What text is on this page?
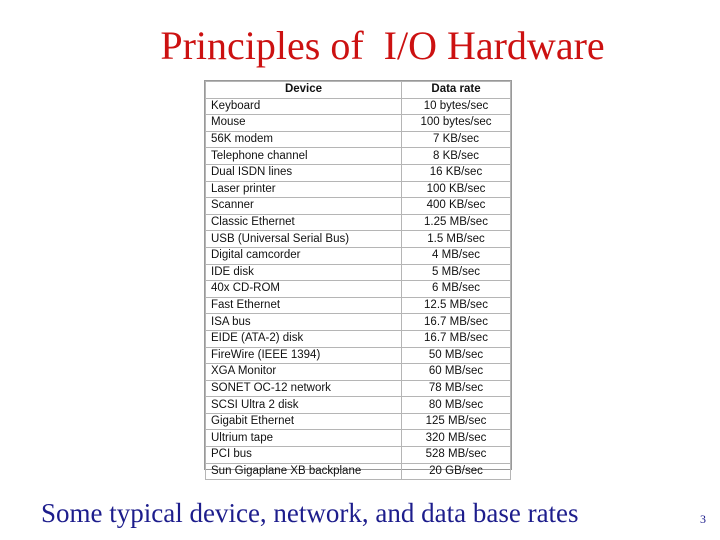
Principles of  I/O Hardware
Device	Data rate
Keyboard	10 bytes/sec
Mouse	100 bytes/sec
56K modem	7 KB/sec
Telephone channel	8 KB/sec
Dual ISDN lines	16 KB/sec
Laser printer	100 KB/sec
Scanner	400 KB/sec
Classic Ethernet	1.25 MB/sec
USB (Universal Serial Bus)	1.5 MB/sec
Digital camcorder	4 MB/sec
IDE disk	5 MB/sec
40x CD-ROM	6 MB/sec
Fast Ethernet	12.5 MB/sec
ISA bus	16.7 MB/sec
EIDE (ATA-2) disk	16.7 MB/sec
FireWire (IEEE 1394)	50 MB/sec
XGA Monitor	60 MB/sec
SONET OC-12 network	78 MB/sec
SCSI Ultra 2 disk	80 MB/sec
Gigabit Ethernet	125 MB/sec
Ultrium tape	320 MB/sec
PCI bus	528 MB/sec
Sun Gigaplane XB backplane	20 GB/sec
Some typical device, network, and data base rates	3
